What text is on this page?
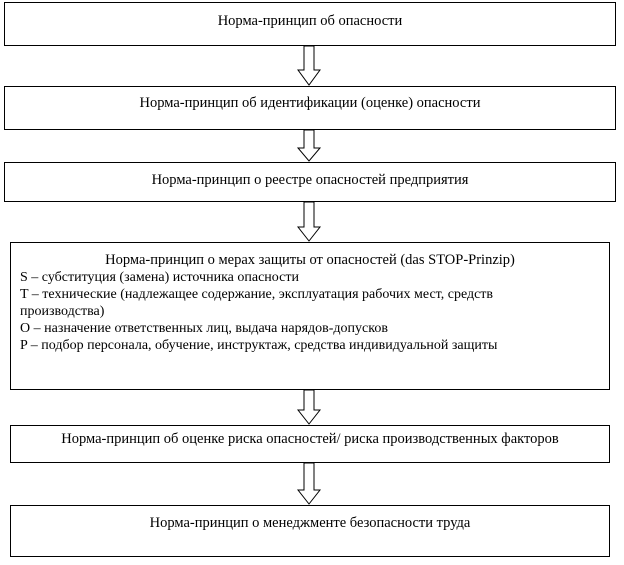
Норма-принцип об опасности
Норма-принцип об идентификации (оценке) опасности
Норма-принцип о реестре опасностей предприятия
Норма-принцип о мерах защиты от опасностей (das STOP-Prinzip)
S – субституция (замена) источника опасности
T – технические (надлежащее содержание, эксплуатация рабочих мест, средств
производства)
O – назначение ответственных лиц, выдача нарядов-допусков
P – подбор персонала, обучение, инструктаж, средства индивидуальной защиты
Норма-принцип об оценке риска опасностей/ риска производственных факторов
Норма-принцип о менеджменте безопасности труда
